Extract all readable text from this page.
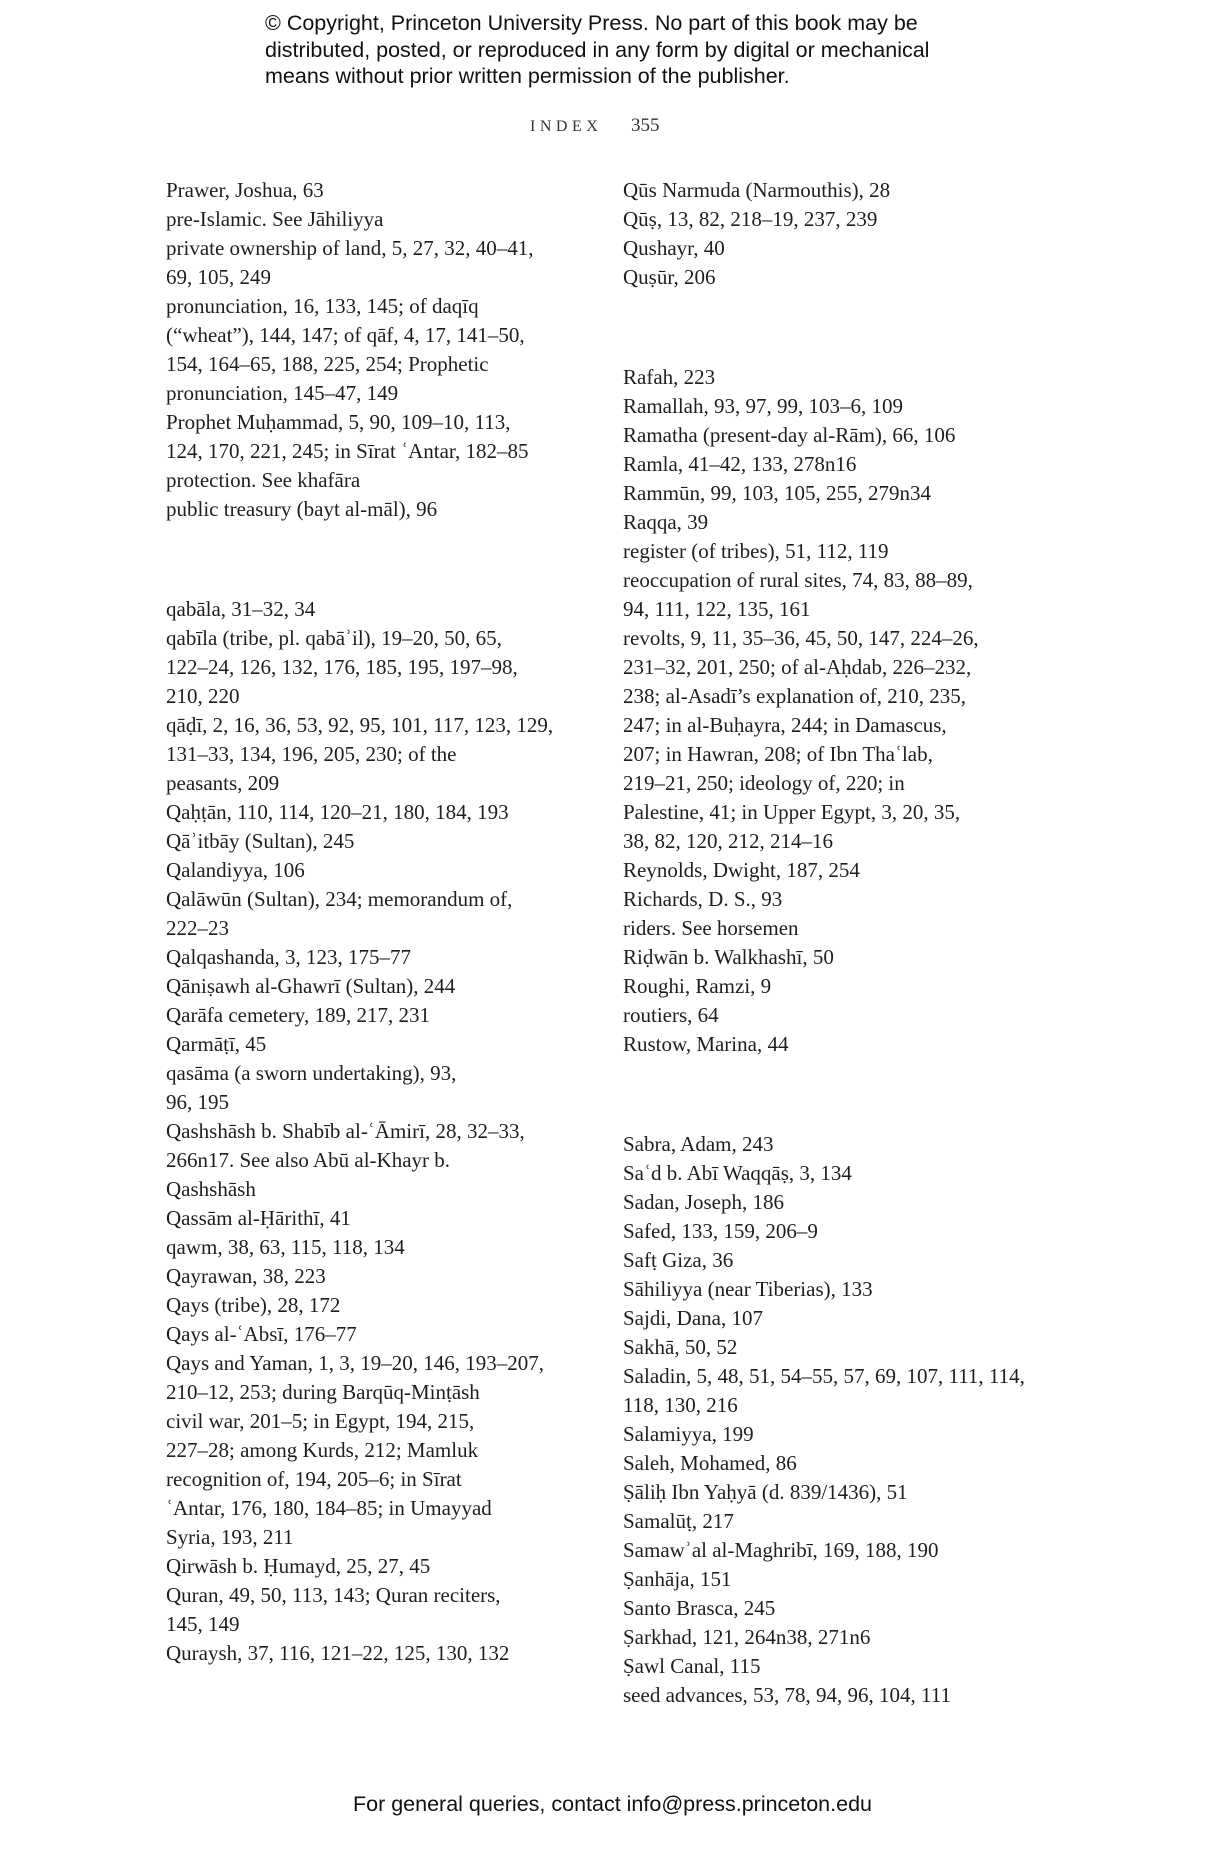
© Copyright, Princeton University Press. No part of this book may be

distributed, posted, or reproduced in any form by digital or mechanical

means without prior written permission of the publisher.

INDEX 355

Prawer, Joshua, 63

pre-Islamic. See Jāhiliyya

private ownership of land, 5, 27, 32, 40–41,

69, 105, 249

pronunciation, 16, 133, 145; of daqīq

(“wheat”), 144, 147; of qāf, 4, 17, 141–50,

154, 164–65, 188, 225, 254; Prophetic

pronunciation, 145–47, 149

Prophet Muḥammad, 5, 90, 109–10, 113,

124, 170, 221, 245; in Sīrat ʿAntar, 182–85

protection. See khafāra

public treasury (bayt al-māl), 96

qabāla, 31–32, 34

qabīla (tribe, pl. qabāʾil), 19–20, 50, 65,

122–24, 126, 132, 176, 185, 195, 197–98,

210, 220

qāḍī, 2, 16, 36, 53, 92, 95, 101, 117, 123, 129,

131–33, 134, 196, 205, 230; of the

peasants, 209

Qaḥṭān, 110, 114, 120–21, 180, 184, 193

Qāʾitbāy (Sultan), 245

Qalandiyya, 106

Qalāwūn (Sultan), 234; memorandum of,

222–23

Qalqashanda, 3, 123, 175–77

Qāniṣawh al-Ghawrī (Sultan), 244

Qarāfa cemetery, 189, 217, 231

Qarmāṭī, 45

qasāma (a sworn undertaking), 93,

96, 195

Qashshāsh b. Shabīb al-ʿĀmirī, 28, 32–33,

266n17. See also Abū al-Khayr b.

Qashshāsh

Qassām al-Ḥārithī, 41

qawm, 38, 63, 115, 118, 134

Qayrawan, 38, 223

Qays (tribe), 28, 172

Qays al-ʿAbsī, 176–77

Qays and Yaman, 1, 3, 19–20, 146, 193–207,

210–12, 253; during Barqūq-Minṭāsh

civil war, 201–5; in Egypt, 194, 215,

227–28; among Kurds, 212; Mamluk

recognition of, 194, 205–6; in Sīrat

ʿAntar, 176, 180, 184–85; in Umayyad

Syria, 193, 211

Qirwāsh b. Ḥumayd, 25, 27, 45

Quran, 49, 50, 113, 143; Quran reciters,

145, 149

Quraysh, 37, 116, 121–22, 125, 130, 132

Qūs Narmuda (Narmouthis), 28

Qūṣ, 13, 82, 218–19, 237, 239

Qushayr, 40

Quṣūr, 206

Rafah, 223

Ramallah, 93, 97, 99, 103–6, 109

Ramatha (present-day al-Rām), 66, 106

Ramla, 41–42, 133, 278n16

Rammūn, 99, 103, 105, 255, 279n34

Raqqa, 39

register (of tribes), 51, 112, 119

reoccupation of rural sites, 74, 83, 88–89,

94, 111, 122, 135, 161

revolts, 9, 11, 35–36, 45, 50, 147, 224–26,

231–32, 201, 250; of al-Aḥdab, 226–232,

238; al-Asadī’s explanation of, 210, 235,

247; in al-Buḥayra, 244; in Damascus,

207; in Hawran, 208; of Ibn Thaʿlab,

219–21, 250; ideology of, 220; in

Palestine, 41; in Upper Egypt, 3, 20, 35,

38, 82, 120, 212, 214–16

Reynolds, Dwight, 187, 254

Richards, D. S., 93

riders. See horsemen

Riḍwān b. Walkhashī, 50

Roughi, Ramzi, 9

routiers, 64

Rustow, Marina, 44

Sabra, Adam, 243

Saʿd b. Abī Waqqāṣ, 3, 134

Sadan, Joseph, 186

Safed, 133, 159, 206–9

Safṭ Giza, 36

Sāhiliyya (near Tiberias), 133

Sajdi, Dana, 107

Sakhā, 50, 52

Saladin, 5, 48, 51, 54–55, 57, 69, 107, 111, 114,

118, 130, 216

Salamiyya, 199

Saleh, Mohamed, 86

Ṣāliḥ Ibn Yaḥyā (d. 839/1436), 51

Samalūṭ, 217

Samawʾal al-Maghribī, 169, 188, 190

Ṣanhāja, 151

Santo Brasca, 245

Ṣarkhad, 121, 264n38, 271n6

Ṣawl Canal, 115

seed advances, 53, 78, 94, 96, 104, 111

For general queries, contact info@press.princeton.edu
